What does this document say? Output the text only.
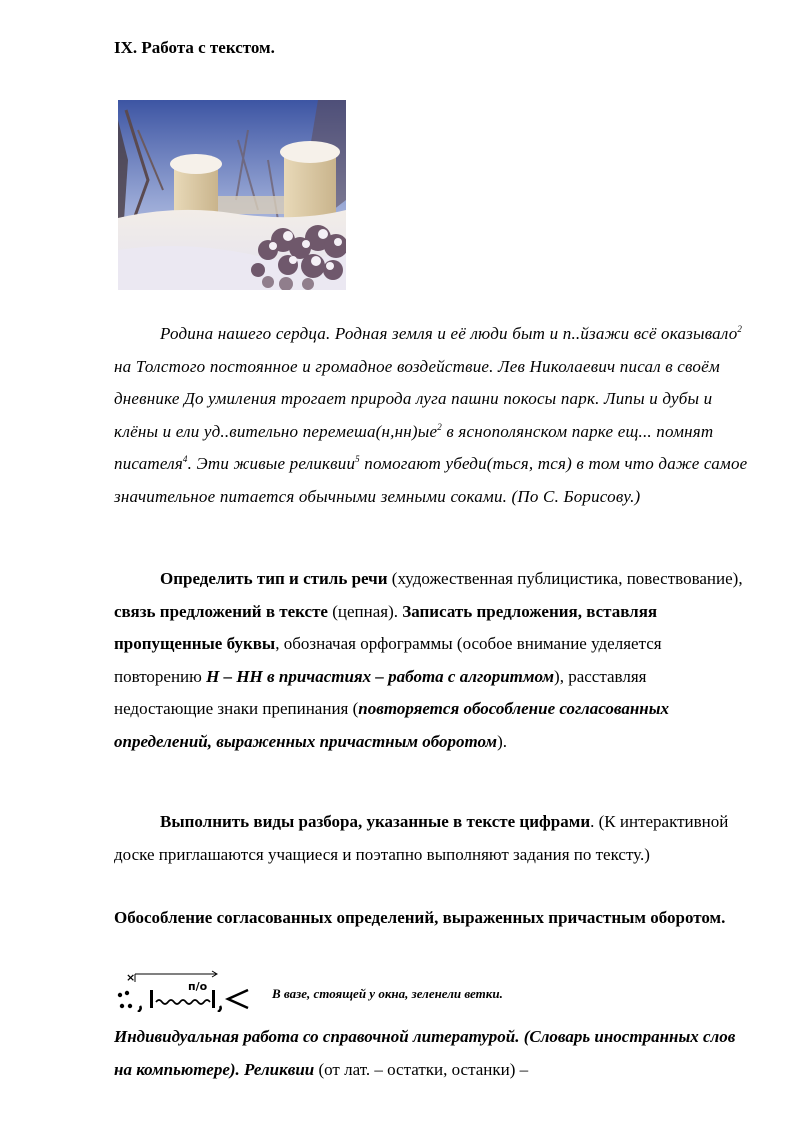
IX. Работа с текстом.

Родина нашего сердца. Родная земля и её люди быт и п..йзажи всё оказывало$^2$ на Толстого постоянное и громадное воздействие. Лев Николаевич писал в своём дневнике До умиления трогает природа луга пашни покосы парк. Липы и дубы и клёны и ели уд..вительно $перемеша(н,нн)ые^2$ в яснополянском парке ещ... помнят писателя$^4$. Эти живые реликвии$^5$ помогают убеди(ться, тся) в том что даже самое значительное питается обычными земными соками. (По С. Борисову.)

Определить тип и стиль речи (художественная публицистика, повествование), связь предложений в тексте (цепная). Записать предложения, вставляя пропущенные буквы, обозначая орфограммы (особое внимание уделяется повторению Н – НН в причастиях – работа с алгоритмом), расставляя недостающие знаки препинания (повторяется обособление согласованных определений, выраженных причастным оборотом).

Выполнить виды разбора, указанные в тексте цифрами. (К интерактивной доске приглашаются учащиеся и поэтапно выполняют задания по тексту.)

Обособление согласованных определений, выраженных причастным оборотом.

×
п/о	В вазе, стоящей у окна, зеленели ветки.

Индивидуальная работа со справочной литературой. (Словарь иностранных слов на компьютере). Реликвии (от лат. – остатки, останки) –
